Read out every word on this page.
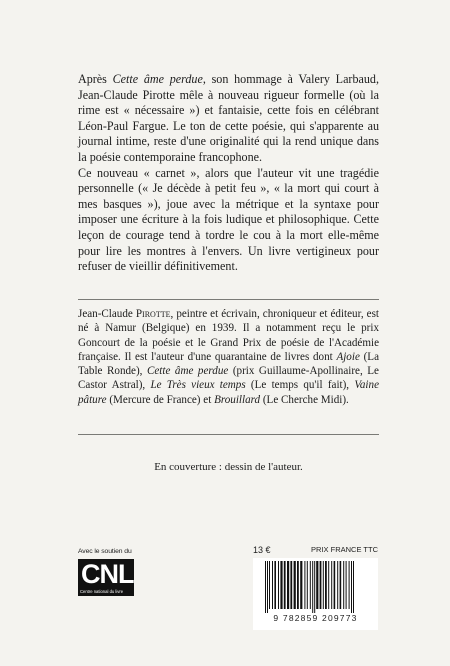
Après Cette âme perdue, son hommage à Valery Larbaud, Jean-Claude Pirotte mêle à nouveau rigueur formelle (où la rime est « nécessaire ») et fantaisie, cette fois en célébrant Léon-Paul Fargue. Le ton de cette poésie, qui s'apparente au journal intime, reste d'une originalité qui la rend unique dans la poésie contemporaine francophone.

Ce nouveau « carnet », alors que l'auteur vit une tragédie personnelle (« Je décède à petit feu », « la mort qui court à mes basques »), joue avec la métrique et la syntaxe pour imposer une écriture à la fois ludique et philosophique. Cette leçon de courage tend à tordre le cou à la mort elle-même pour lire les montres à l'envers. Un livre vertigineux pour refuser de vieillir définitivement.

Jean-Claude Pirotte, peintre et écrivain, chroniqueur et éditeur, est né à Namur (Belgique) en 1939. Il a notamment reçu le prix Goncourt de la poésie et le Grand Prix de poésie de l'Académie française. Il est l'auteur d'une quarantaine de livres dont Ajoie (La Table Ronde), Cette âme perdue (prix Guillaume-Apollinaire, Le Castor Astral), Le Très vieux temps (Le temps qu'il fait), Vaine pâture (Mercure de France) et Brouillard (Le Cherche Midi).
En couverture : dessin de l'auteur.
Avec le soutien du
CNL
Centre national du livre
13 €	PRIX FRANCE TTC
9 782859 209773
